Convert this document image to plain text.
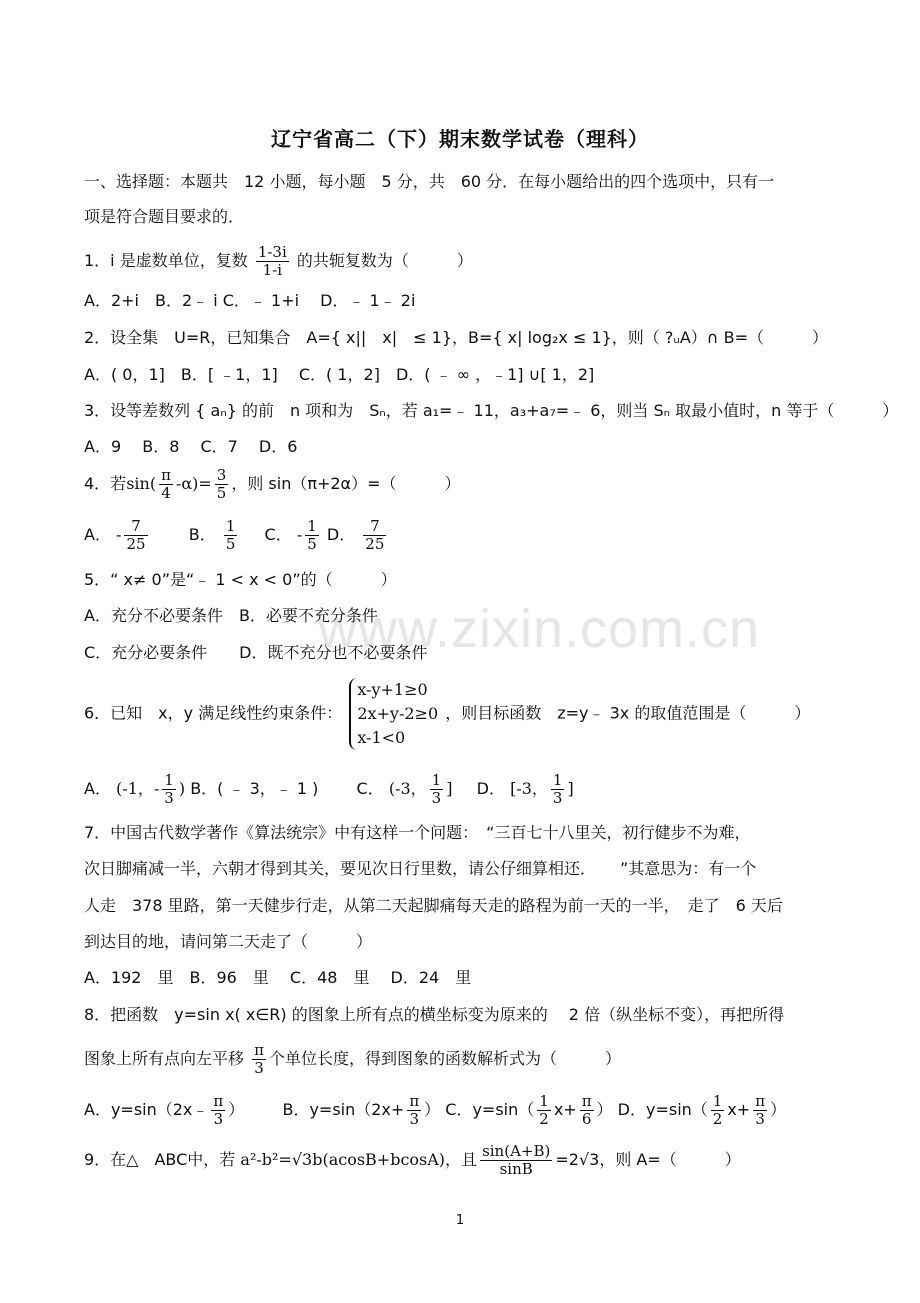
www.zixin.com.cn
辽宁省高二（下）期末数学试卷（理科）
一、选择题：本题共　12 小题，每小题　5 分，共　60 分．在每小题给出的四个选项中，只有一
项是符合题目要求的．
1．i 是虚数单位，复数 $\frac{1-3i}{1-i}$ 的共轭复数为（　　　）
A．2+i　B．2﹣ i C．﹣ 1+i　 D．﹣ 1﹣ 2i
2．设全集　U=R，已知集合　A={ x||　x|　≤ 1}，B={ x| log₂x ≤ 1}，则（ ?ᵤA）∩ B=（　　　）
A．( 0，1]　B．[ ﹣1，1]　 C．( 1，2]　D．( ﹣ ∞ ，﹣1] ∪[ 1，2]
3．设等差数列 { aₙ} 的前　n 项和为　Sₙ，若 a₁=﹣ 11，a₃+a₇=﹣ 6，则当 Sₙ 取最小值时，n 等于（　　　）
A．9　 B．8　 C．7　 D．6
4．若$\sin( \frac{\pi}{4} -\alpha)= \frac{3}{5}$ ，则 sin（π+2α）=（　　　）
A． - $\frac{7}{25}$	B． $\frac{1}{5}$ C． - $\frac{1}{5}$ D． $\frac{7}{25}$
5．“ x≠ 0”是“﹣ 1 < x < 0”的（　　　）
A．充分不必要条件　B．必要不充分条件
C．充分必要条件　　D．既不充分也不必要条件
6．已知　x，y 满足线性约束条件：
x-y+1≥0
2x+y-2≥0
x-1<0
，则目标函数　z=y﹣ 3x 的取值范围是（　　　）
A． (-1，- $\frac{1}{3}$ ) B．( ﹣ 3，﹣ 1 ) C． (-3， $\frac{1}{3}$ ] D． [-3， $\frac{1}{3}$ ]
7．中国古代数学著作《算法统宗》中有这样一个问题：　“三百七十八里关，初行健步不为难，
次日脚痛减一半，六朝才得到其关，要见次日行里数，请公仔细算相还．　　”其意思为：有一个
人走　378 里路，第一天健步行走，从第二天起脚痛每天走的路程为前一天的一半，　走了　6 天后
到达目的地，请问第二天走了（　　　）
A．192　里　B．96　里　 C．48　里　 D．24　里
8．把函数　y=sin x( x∈R) 的图象上所有点的横坐标变为原来的　 2 倍（纵坐标不变），再把所得
图象上所有点向左平移 $\frac{\pi}{3}$ 个单位长度，得到图象的函数解析式为（　　　）
A．y=sin（2x﹣ $\frac{\pi}{3}$ ） B．$y=\sin(2x+ \frac{\pi}{3}$ ） C．$y=\sin( \frac{1}{2} x+ \frac{\pi}{6}$ ） D．$y=\sin( \frac{1}{2} x+ \frac{\pi}{3}$ ）
9．在△　ABC中，若 a²-b²=√3b(acosB+bcosA)，且 $\frac{\sin(A+B)}{\sin B} =2√3$，则 A=（　　　）
1
